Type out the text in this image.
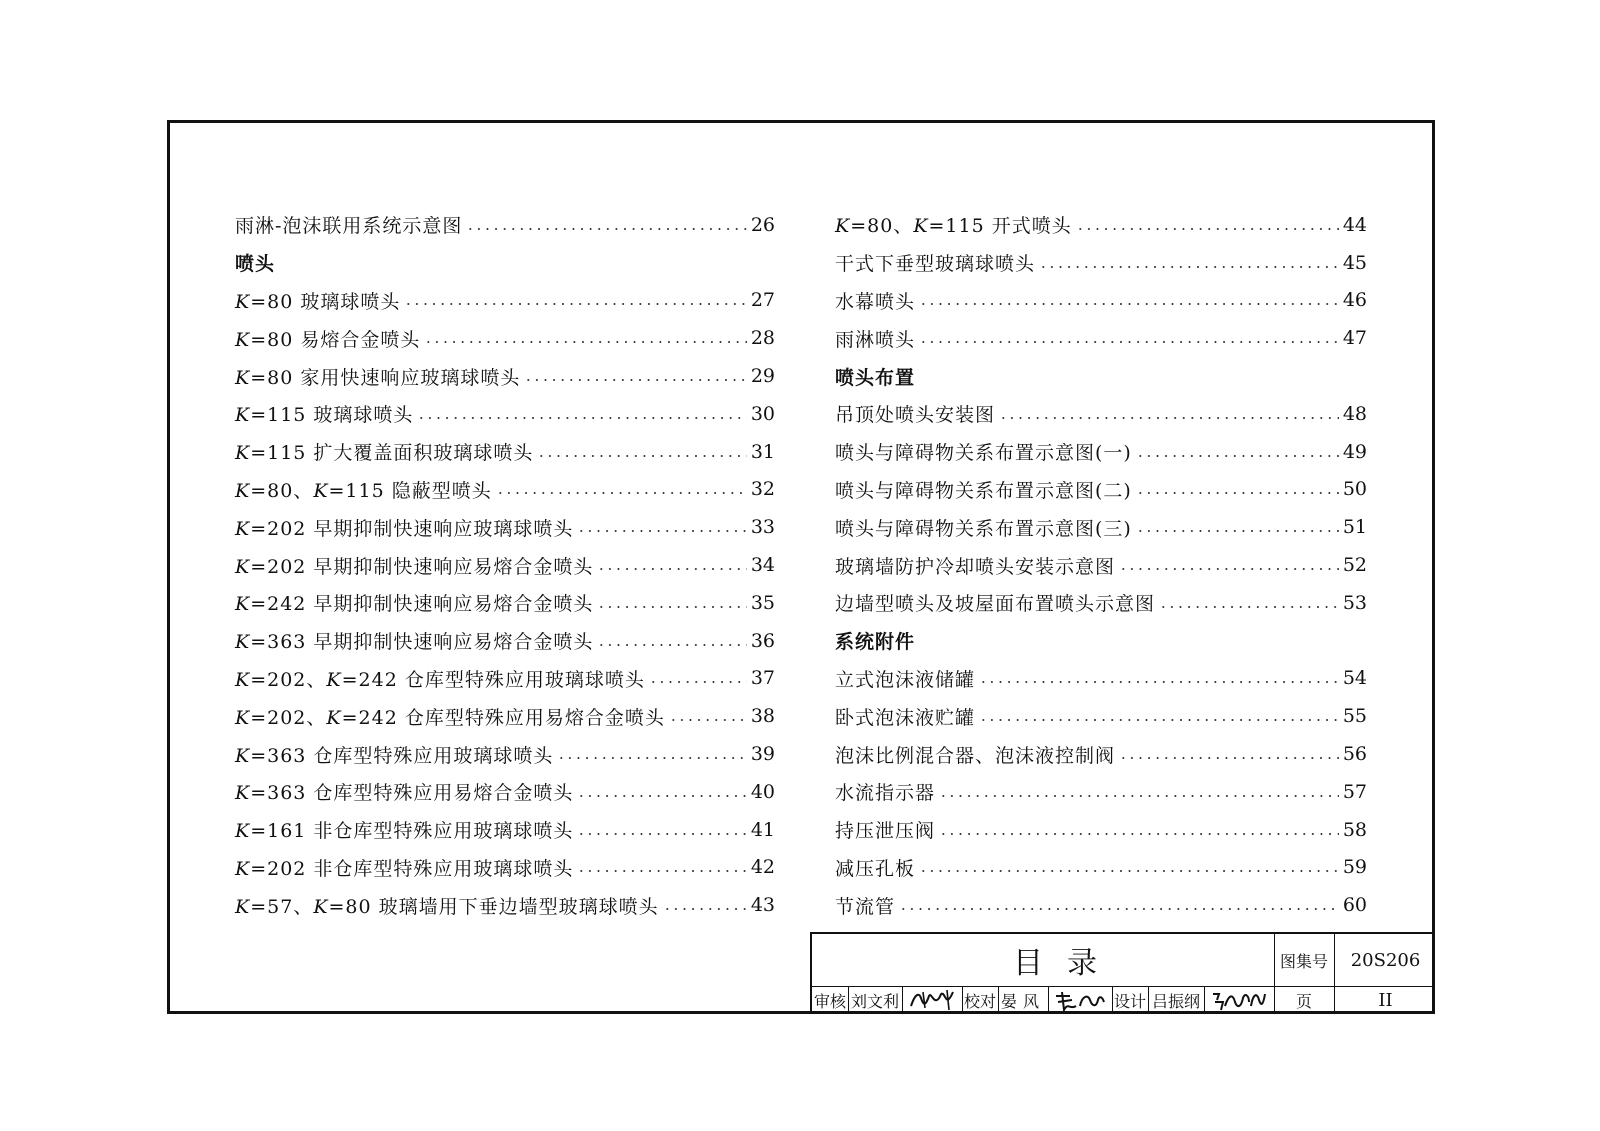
雨淋-泡沫联用系统示意图	26
喷头
K=80 玻璃球喷头	27
K=80 易熔合金喷头	28
K=80 家用快速响应玻璃球喷头	29
K=115 玻璃球喷头	30
K=115 扩大覆盖面积玻璃球喷头	31
K=80、K=115 隐蔽型喷头	32
K=202 早期抑制快速响应玻璃球喷头	33
K=202 早期抑制快速响应易熔合金喷头	34
K=242 早期抑制快速响应易熔合金喷头	35
K=363 早期抑制快速响应易熔合金喷头	36
K=202、K=242 仓库型特殊应用玻璃球喷头	37
K=202、K=242 仓库型特殊应用易熔合金喷头	38
K=363 仓库型特殊应用玻璃球喷头	39
K=363 仓库型特殊应用易熔合金喷头	40
K=161 非仓库型特殊应用玻璃球喷头	41
K=202 非仓库型特殊应用玻璃球喷头	42
K=57、K=80 玻璃墙用下垂边墙型玻璃球喷头	43
K=80、K=115 开式喷头	44
干式下垂型玻璃球喷头	45
水幕喷头	46
雨淋喷头	47
喷头布置
吊顶处喷头安装图	48
喷头与障碍物关系布置示意图(一)	49
喷头与障碍物关系布置示意图(二)	50
喷头与障碍物关系布置示意图(三)	51
玻璃墙防护冷却喷头安装示意图	52
边墙型喷头及坡屋面布置喷头示意图	53
系统附件
立式泡沫液储罐	54
卧式泡沫液贮罐	55
泡沫比例混合器、泡沫液控制阀	56
水流指示器	57
持压泄压阀	58
减压孔板	59
节流管	60
目录	图集号	20S206
审核 刘文利	校对 晏风	设计 吕振纲	页	II
